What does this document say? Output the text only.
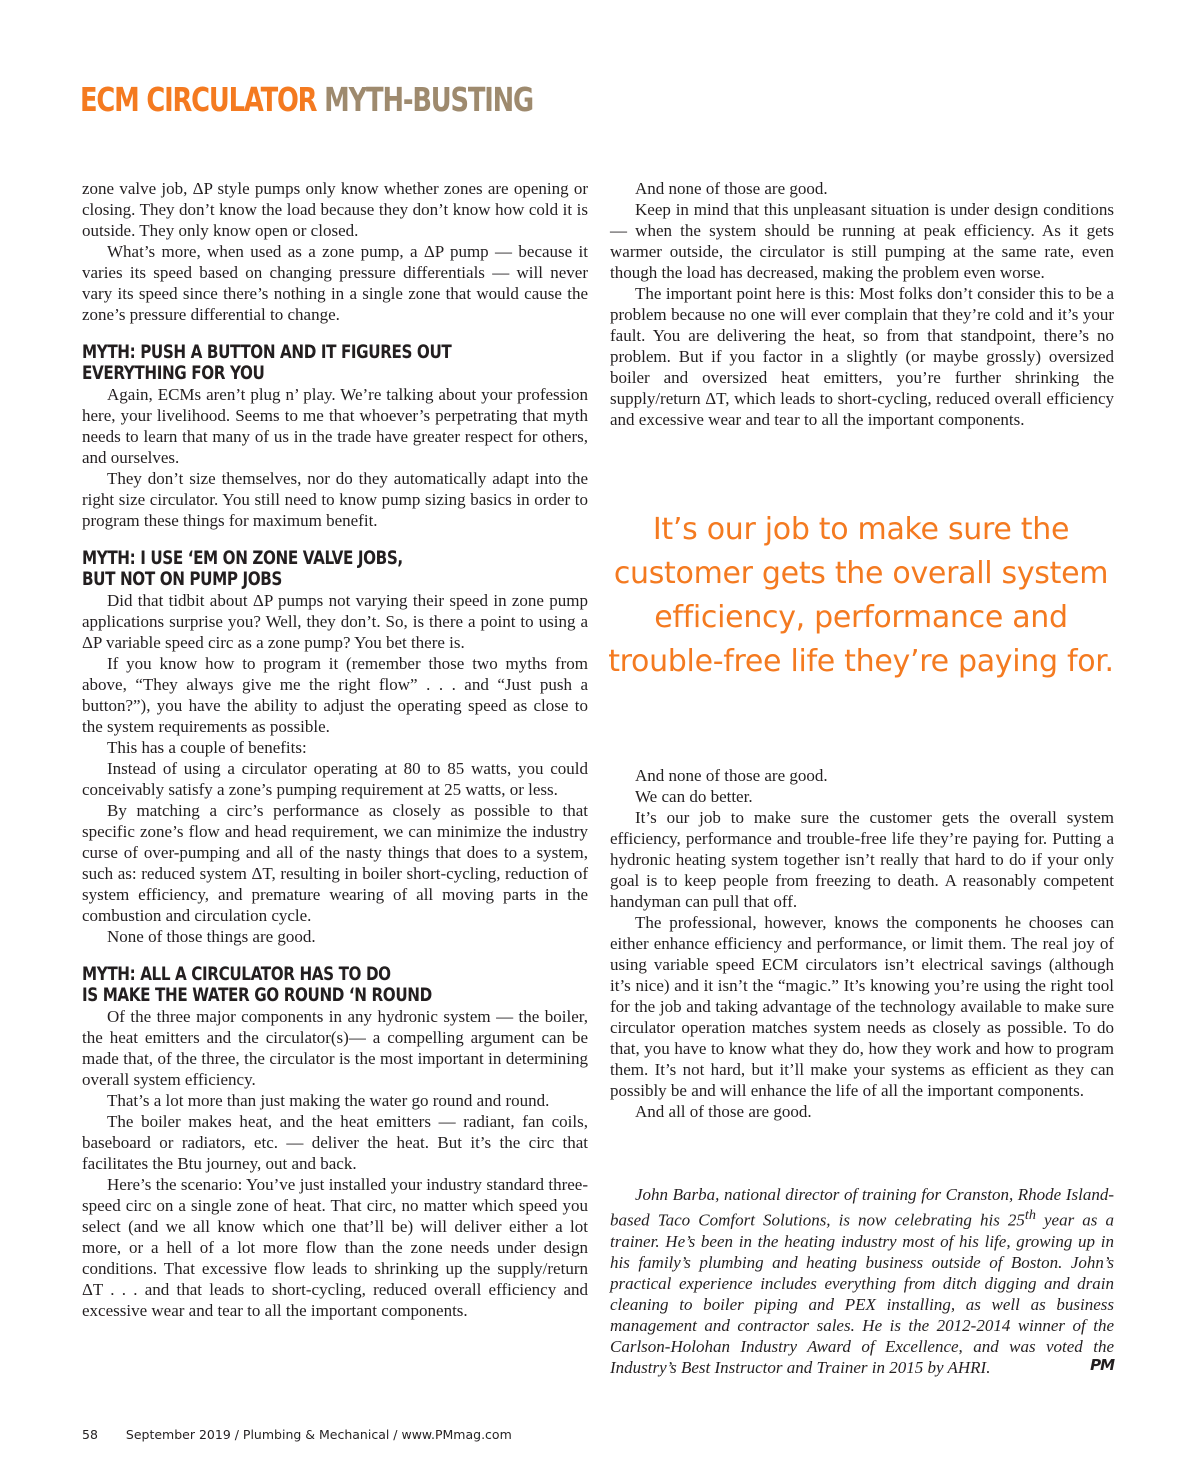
ECM CIRCULATOR MYTH-BUSTING

zone valve job, ΔP style pumps only know whether zones are opening or closing. They don’t know the load because they don’t know how cold it is outside. They only know open or closed.

What’s more, when used as a zone pump, a ΔP pump — because it varies its speed based on changing pressure differentials — will never vary its speed since there’s nothing in a single zone that would cause the zone’s pressure differential to change.

MYTH: PUSH A BUTTON AND IT FIGURES OUT
EVERYTHING FOR YOU

Again, ECMs aren’t plug n’ play. We’re talking about your profession here, your livelihood. Seems to me that whoever’s perpetrating that myth needs to learn that many of us in the trade have greater respect for others, and ourselves.

They don’t size themselves, nor do they automatically adapt into the right size circulator. You still need to know pump sizing basics in order to program these things for maximum benefit.

MYTH: I USE ‘EM ON ZONE VALVE JOBS,
BUT NOT ON PUMP JOBS

Did that tidbit about ΔP pumps not varying their speed in zone pump applications surprise you? Well, they don’t. So, is there a point to using a ΔP variable speed circ as a zone pump? You bet there is.

If you know how to program it (remember those two myths from above, “They always give me the right flow” . . . and “Just push a button?”), you have the ability to adjust the operating speed as close to the system requirements as possible.

This has a couple of benefits:

Instead of using a circulator operating at 80 to 85 watts, you could conceivably satisfy a zone’s pumping requirement at 25 watts, or less.

By matching a circ’s performance as closely as possible to that specific zone’s flow and head requirement, we can minimize the industry curse of over-pumping and all of the nasty things that does to a system, such as: reduced system ΔT, resulting in boiler short-cycling, reduction of system efficiency, and premature wearing of all moving parts in the combustion and circulation cycle.

None of those things are good.

MYTH: ALL A CIRCULATOR HAS TO DO
IS MAKE THE WATER GO ROUND ‘N ROUND

Of the three major components in any hydronic system — the boiler, the heat emitters and the circulator(s)— a compelling argument can be made that, of the three, the circulator is the most important in determining overall system efficiency.

That’s a lot more than just making the water go round and round.

The boiler makes heat, and the heat emitters — radiant, fan coils, baseboard or radiators, etc. — deliver the heat. But it’s the circ that facilitates the Btu journey, out and back.

Here’s the scenario: You’ve just installed your industry standard three-speed circ on a single zone of heat. That circ, no matter which speed you select (and we all know which one that’ll be) will deliver either a lot more, or a hell of a lot more flow than the zone needs under design conditions. That excessive flow leads to shrinking up the supply/return ΔT . . . and that leads to short-cycling, reduced overall efficiency and excessive wear and tear to all the important components.

And none of those are good.

Keep in mind that this unpleasant situation is under design conditions — when the system should be running at peak efficiency. As it gets warmer outside, the circulator is still pumping at the same rate, even though the load has decreased, making the problem even worse.

The important point here is this: Most folks don’t consider this to be a problem because no one will ever complain that they’re cold and it’s your fault. You are delivering the heat, so from that standpoint, there’s no problem. But if you factor in a slightly (or maybe grossly) oversized boiler and oversized heat emitters, you’re further shrinking the supply/return ΔT, which leads to short-cycling, reduced overall efficiency and excessive wear and tear to all the important components.

It’s our job to make sure the customer gets the overall system efficiency, performance and trouble-free life they’re paying for.

And none of those are good.

We can do better.

It’s our job to make sure the customer gets the overall system efficiency, performance and trouble-free life they’re paying for. Putting a hydronic heating system together isn’t really that hard to do if your only goal is to keep people from freezing to death. A reasonably competent handyman can pull that off.

The professional, however, knows the components he chooses can either enhance efficiency and performance, or limit them. The real joy of using variable speed ECM circulators isn’t electrical savings (although it’s nice) and it isn’t the “magic.” It’s knowing you’re using the right tool for the job and taking advantage of the technology available to make sure circulator operation matches system needs as closely as possible. To do that, you have to know what they do, how they work and how to program them. It’s not hard, but it’ll make your systems as efficient as they can possibly be and will enhance the life of all the important components.

And all of those are good.

John Barba, national director of training for Cranston, Rhode Island-based Taco Comfort Solutions, is now celebrating his 25th year as a trainer. He’s been in the heating industry most of his life, growing up in his family’s plumbing and heating business outside of Boston. John’s practical experience includes everything from ditch digging and drain cleaning to boiler piping and PEX installing, as well as business management and contractor sales. He is the 2012-2014 winner of the Carlson-Holohan Industry Award of Excellence, and was voted the Industry’s Best Instructor and Trainer in 2015 by AHRI.	PM
58 September 2019 / Plumbing & Mechanical / www.PMmag.com
